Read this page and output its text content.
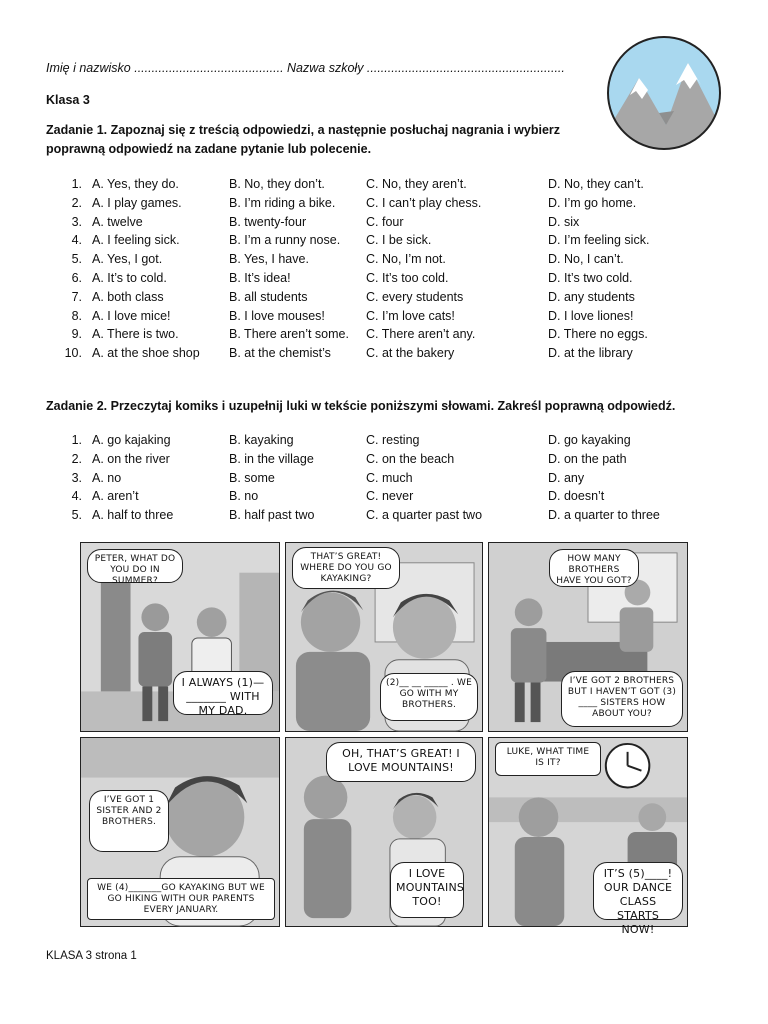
Imię i nazwisko ........................................... Nazwa szkoły .........................................................
Klasa 3
Zadanie 1. Zapoznaj się z treścią odpowiedzi, a następnie posłuchaj nagrania i wybierz poprawną odpowiedź na zadane pytanie lub polecenie.
1. A. Yes, they do.	B. No, they don’t.	C. No, they aren’t.	D. No, they can’t.
2. A. I play games.	B. I’m riding a bike. C. I can’t play chess.	D. I’m go home.
3. A. twelve	B. twenty-four	C. four	D. six
4. A. I feeling sick.	B. I’m a runny nose. C. I be sick.	D. I’m feeling sick.
5. A. Yes, I got.	B. Yes, I have.	C. No, I’m not.	D. No, I can’t.
6. A. It’s to cold.	B. It’s idea!	C. It’s too cold.	D. It’s two cold.
7. A. both class	B. all students	C. every students	D. any students
8. A. I love mice!	B. I love mouses!	C. I’m love cats!	D. I love liones!
9. A. There is two.	B. There aren’t some. C. There aren’t any.	D. There no eggs.
10. A. at the shoe shop B. at the chemist’s	C. at the bakery	D. at the library
Zadanie 2. Przeczytaj komiks i uzupełnij luki w tekście poniższymi słowami. Zakreśl poprawną odpowiedź.
1. A. go kajaking	B. kayaking	C. resting	D. go kayaking
2. A. on the river	B. in the village	C. on the beach	D. on the path
3. A. no	B. some	C. much	D. any
4. A. aren’t	B. no	C. never	D. doesn’t
5. A. half to three	B. half past two	C. a quarter past two	D. a quarter to three
PETER, WHAT DO YOU DO IN SUMMER?
I ALWAYS (1)— _______ WITH MY DAD.
THAT’S GREAT! WHERE DO YOU GO KAYAKING?
(2)__ __ _____ . WE GO WITH MY BROTHERS.
HOW MANY BROTHERS HAVE YOU GOT?
I’VE GOT 2 BROTHERS BUT I HAVEN’T GOT (3) ____ SISTERS HOW ABOUT YOU?
I’VE GOT 1 SISTER AND 2 BROTHERS.
WE (4)_______GO KAYAKING BUT WE GO HIKING WITH OUR PARENTS EVERY JANUARY.
OH, THAT’S GREAT! I LOVE MOUNTAINS!
I LOVE MOUNTAINS TOO!
LUKE, WHAT TIME IS IT?
IT’S (5)____! OUR DANCE CLASS STARTS NOW!
KLASA 3 strona 1
